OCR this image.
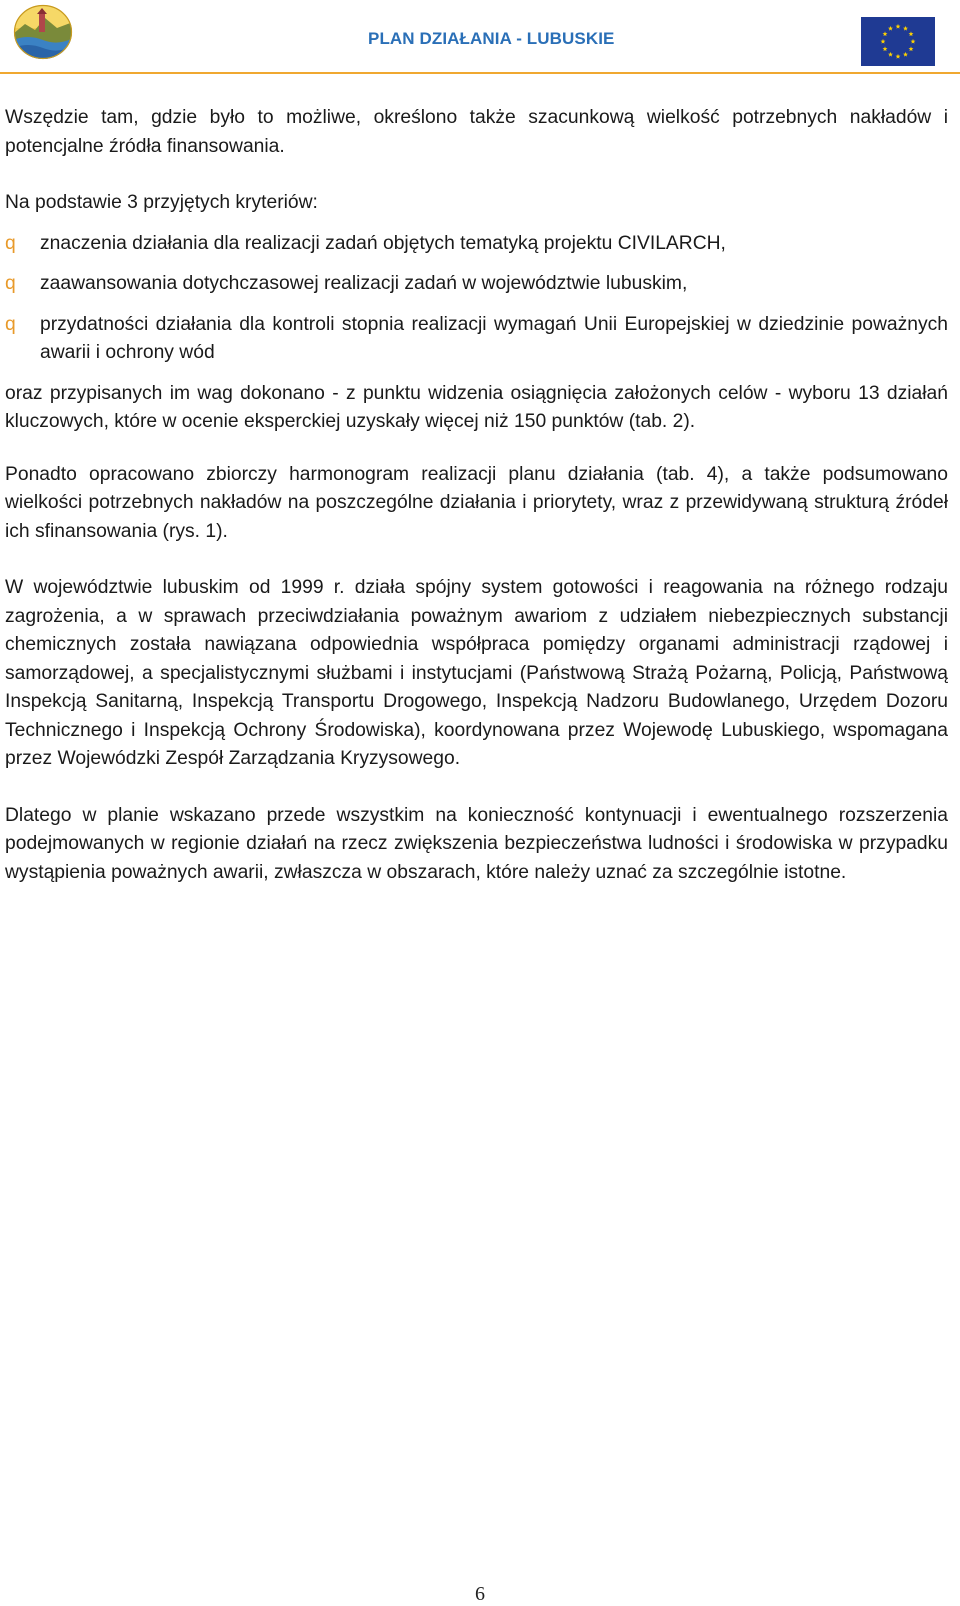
PLAN DZIAŁANIA - LUBUSKIE

Wszędzie tam, gdzie było to możliwe, określono także szacunkową wielkość potrzebnych nakładów i potencjalne źródła finansowania.

Na podstawie 3 przyjętych kryteriów:

q znaczenia działania dla realizacji zadań objętych tematyką projektu CIVILARCH,
q zaawansowania dotychczasowej realizacji zadań w województwie lubuskim,
q przydatności działania dla kontroli stopnia realizacji wymagań Unii Europejskiej w dziedzinie poważnych awarii i ochrony wód

oraz przypisanych im wag dokonano - z punktu widzenia osiągnięcia założonych celów - wyboru 13 działań kluczowych, które w ocenie eksperckiej uzyskały więcej niż 150 punktów (tab. 2).

Ponadto opracowano zbiorczy harmonogram realizacji planu działania (tab. 4), a także podsumowano wielkości potrzebnych nakładów na poszczególne działania i priorytety, wraz z przewidywaną strukturą źródeł ich sfinansowania (rys. 1).

W województwie lubuskim od 1999 r. działa spójny system gotowości i reagowania na różnego rodzaju zagrożenia, a w sprawach przeciwdziałania poważnym awariom z udziałem niebezpiecznych substancji chemicznych została nawiązana odpowiednia współpraca pomiędzy organami administracji rządowej i samorządowej, a specjalistycznymi służbami i instytucjami (Państwową Strażą Pożarną, Policją, Państwową Inspekcją Sanitarną, Inspekcją Transportu Drogowego, Inspekcją Nadzoru Budowlanego, Urzędem Dozoru Technicznego i Inspekcją Ochrony Środowiska), koordynowana przez Wojewodę Lubuskiego, wspomagana przez Wojewódzki Zespół Zarządzania Kryzysowego.

Dlatego w planie wskazano przede wszystkim na konieczność kontynuacji i ewentualnego rozszerzenia podejmowanych w regionie działań na rzecz zwiększenia bezpieczeństwa ludności i środowiska w przypadku wystąpienia poważnych awarii, zwłaszcza w obszarach, które należy uznać za szczególnie istotne.

6
